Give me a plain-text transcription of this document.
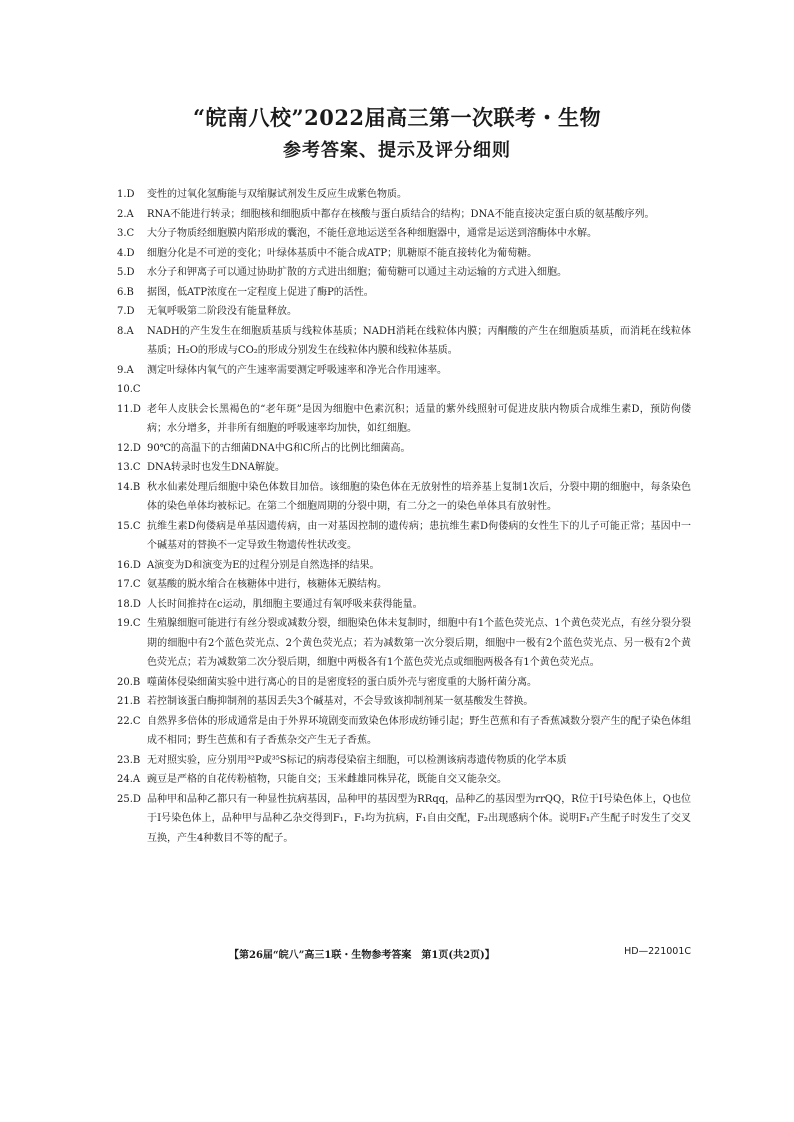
“皖南八校”2022届高三第一次联考・生物
参考答案、提示及评分细则
1.D 变性的过氧化氢酶能与双缩脲试剂发生反应生成紫色物质。
2.A RNA不能进行转录；细胞核和细胞质中都存在核酸与蛋白质结合的结构；DNA不能直接决定蛋白质的氨基酸序列。
3.C 大分子物质经细胞膜内陷形成的囊泡，不能任意地运送至各种细胞器中，通常是运送到溶酶体中水解。
4.D 细胞分化是不可逆的变化；叶绿体基质中不能合成ATP；肌糖原不能直接转化为葡萄糖。
5.D 水分子和钾离子可以通过协助扩散的方式进出细胞；葡萄糖可以通过主动运输的方式进入细胞。
6.B 据图，低ATP浓度在一定程度上促进了酶P的活性。
7.D 无氧呼吸第二阶段没有能量释放。
8.A NADH的产生发生在细胞质基质与线粒体基质；NADH消耗在线粒体内膜；丙酮酸的产生在细胞质基质，而消耗在线粒体基质；H₂O的形成与CO₂的形成分别发生在线粒体内膜和线粒体基质。
9.A 测定叶绿体内氧气的产生速率需要测定呼吸速率和净光合作用速率。
10.C

11.D 老年人皮肤会长黑褐色的“老年斑”是因为细胞中色素沉积；适量的紫外线照射可促进皮肤内物质合成维生素D，预防佝偻病；水分增多，并非所有细胞的呼吸速率均加快，如红细胞。
12.D 90℃的高温下的古细菌DNA中G和C所占的比例比细菌高。
13.C DNA转录时也发生DNA解旋。
14.B 秋水仙素处理后细胞中染色体数目加倍。该细胞的染色体在无放射性的培养基上复制1次后，分裂中期的细胞中，每条染色体的染色单体均被标记。在第二个细胞周期的分裂中期，有二分之一的染色单体具有放射性。
15.C 抗维生素D佝偻病是单基因遗传病，由一对基因控制的遗传病；患抗维生素D佝偻病的女性生下的儿子可能正常；基因中一个碱基对的替换不一定导致生物遗传性状改变。
16.D A演变为D和演变为E的过程分别是自然选择的结果。
17.C 氨基酸的脱水缩合在核糖体中进行，核糖体无膜结构。
18.D 人长时间推持在c运动，肌细胞主要通过有氧呼吸来获得能量。
19.C 生殖腺细胞可能进行有丝分裂或减数分裂，细胞染色体未复制时，细胞中有1个蓝色荧光点、1个黄色荧光点，有丝分裂分裂期的细胞中有2个蓝色荧光点、2个黄色荧光点；若为减数第一次分裂后期，细胞中一极有2个蓝色荧光点、另一极有2个黄色荧光点；若为减数第二次分裂后期，细胞中两极各有1个蓝色荧光点或细胞两极各有1个黄色荧光点。
20.B 噬菌体侵染细菌实验中进行离心的目的是密度轻的蛋白质外壳与密度重的大肠杆菌分离。
21.B 若控制该蛋白酶抑制剂的基因丢失3个碱基对，不会导致该抑制剂某一氨基酸发生替换。
22.C 自然界多倍体的形成通常是由于外界环境剧变而致染色体形成纺锤引起；野生芭蕉和有子香蕉减数分裂产生的配子染色体组成不相同；野生芭蕉和有子香蕉杂交产生无子香蕉。
23.B 无对照实验，应分别用³²P或³⁵S标记的病毒侵染宿主细胞，可以检测该病毒遗传物质的化学本质
24.A 豌豆是严格的自花传粉植物，只能自交；玉米雌雄同株异花，既能自交又能杂交。
25.D 品种甲和品种乙都只有一种显性抗病基因，品种甲的基因型为RRqq，品种乙的基因型为rrQQ，R位于Ⅰ号染色体上，Q也位于Ⅰ号染色体上，品种甲与品种乙杂交得到F₁，F₁均为抗病，F₁自由交配，F₂出现感病个体。说明F₁产生配子时发生了交叉互换，产生4种数目不等的配子。
【第26届“皖八”高三1联・生物参考答案　第1页(共2页)】	HD—221001C
